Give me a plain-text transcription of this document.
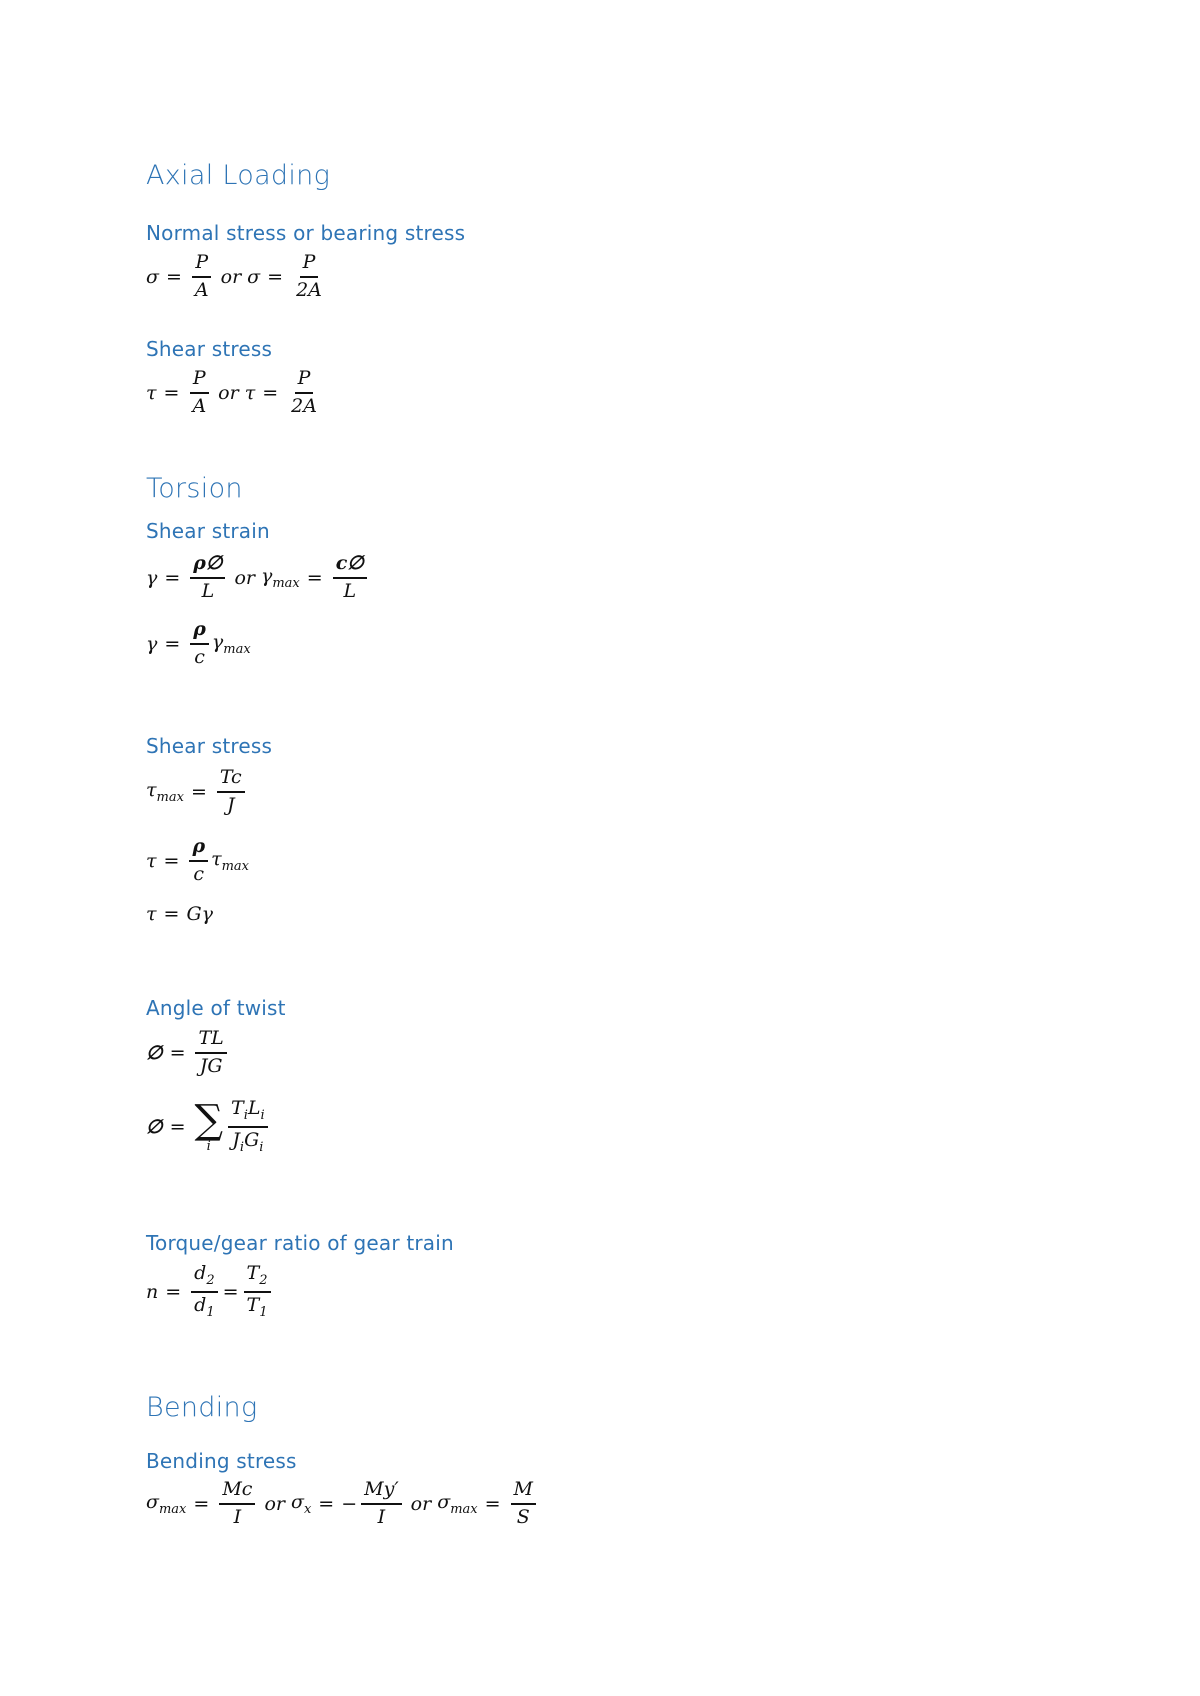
Axial Loading
Normal stress or bearing stress
$\sigma = \frac{P}{A}$ or $\sigma = \frac{P}{2A}$
Shear stress
$\tau = \frac{P}{A}$ or $\tau = \frac{P}{2A}$
Torsion
Shear strain
$\gamma = \frac{\rho\emptyset}{L}$ or $\gamma_{max} = \frac{c\emptyset}{L}$
$\gamma = \frac{\rho}{c} \gamma_{max}$
Shear stress
$\tau_{max} = \frac{Tc}{J}$
$\tau = \frac{\rho}{c} \tau_{max}$
τ = Gγ
Angle of twist
∅ = $\frac{TL}{JG}$
∅ = ∑
i $\frac{T_iL_i}{J_iG_i}$
Torque/gear ratio of gear train
$n = \frac{d_2}{d_1} = \frac{T_2}{T_1}$
Bending
Bending stress
$\sigma_{max} = \frac{Mc}{I}$ or $\sigma_x$ = − $\frac{My'}{I}$ or $\sigma_{max} = \frac{M}{S}$
